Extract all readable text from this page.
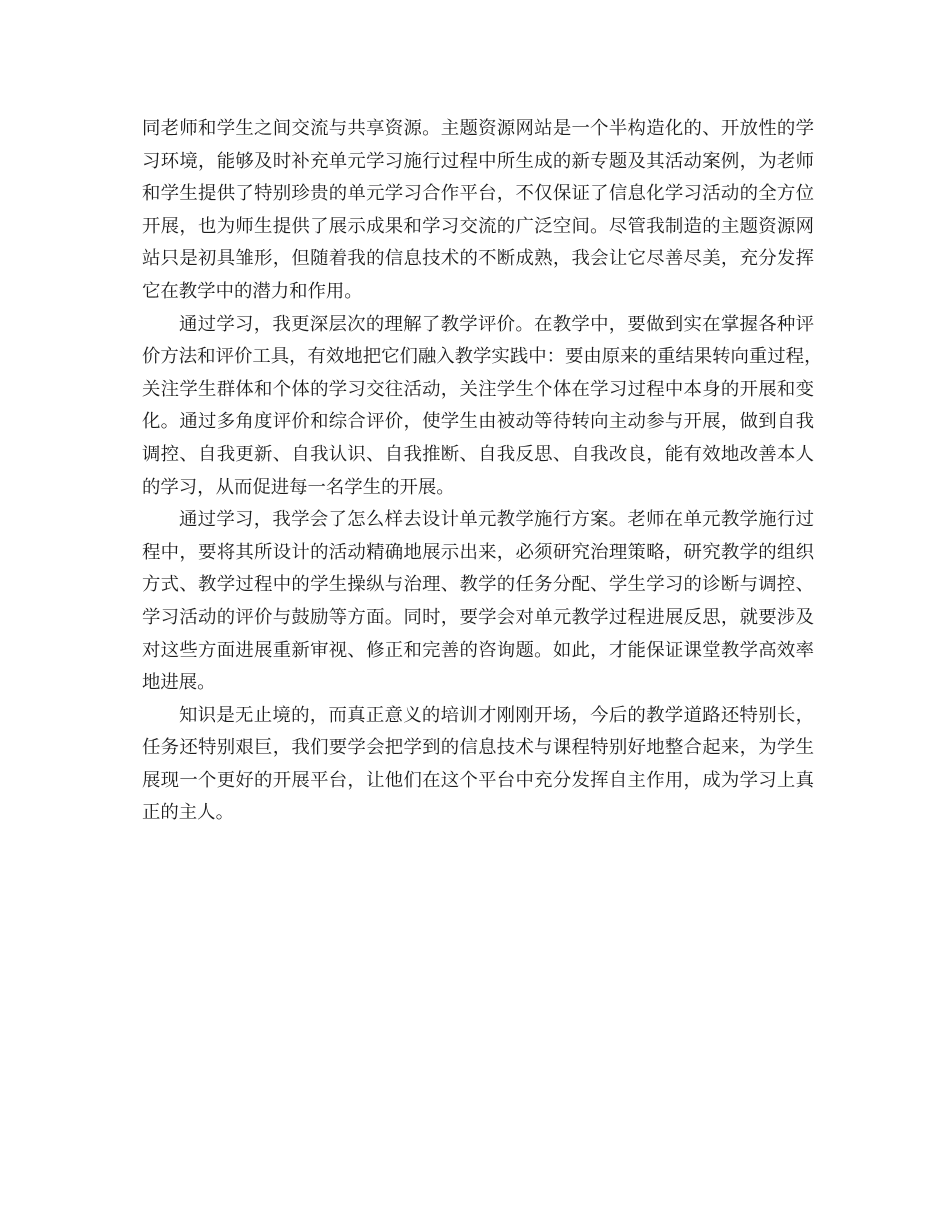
同老师和学生之间交流与共享资源。主题资源网站是一个半构造化的、开放性的学
习环境，能够及时补充单元学习施行过程中所生成的新专题及其活动案例，为老师
和学生提供了特别珍贵的单元学习合作平台，不仅保证了信息化学习活动的全方位
开展，也为师生提供了展示成果和学习交流的广泛空间。尽管我制造的主题资源网
站只是初具雏形，但随着我的信息技术的不断成熟，我会让它尽善尽美，充分发挥
它在教学中的潜力和作用。
通过学习，我更深层次的理解了教学评价。在教学中，要做到实在掌握各种评
价方法和评价工具，有效地把它们融入教学实践中：要由原来的重结果转向重过程，
关注学生群体和个体的学习交往活动，关注学生个体在学习过程中本身的开展和变
化。通过多角度评价和综合评价，使学生由被动等待转向主动参与开展，做到自我
调控、自我更新、自我认识、自我推断、自我反思、自我改良，能有效地改善本人
的学习，从而促进每一名学生的开展。
通过学习，我学会了怎么样去设计单元教学施行方案。老师在单元教学施行过
程中，要将其所设计的活动精确地展示出来，必须研究治理策略，研究教学的组织
方式、教学过程中的学生操纵与治理、教学的任务分配、学生学习的诊断与调控、
学习活动的评价与鼓励等方面。同时，要学会对单元教学过程进展反思，就要涉及
对这些方面进展重新审视、修正和完善的咨询题。如此，才能保证课堂教学高效率
地进展。
知识是无止境的，而真正意义的培训才刚刚开场，今后的教学道路还特别长，
任务还特别艰巨，我们要学会把学到的信息技术与课程特别好地整合起来，为学生
展现一个更好的开展平台，让他们在这个平台中充分发挥自主作用，成为学习上真
正的主人。
